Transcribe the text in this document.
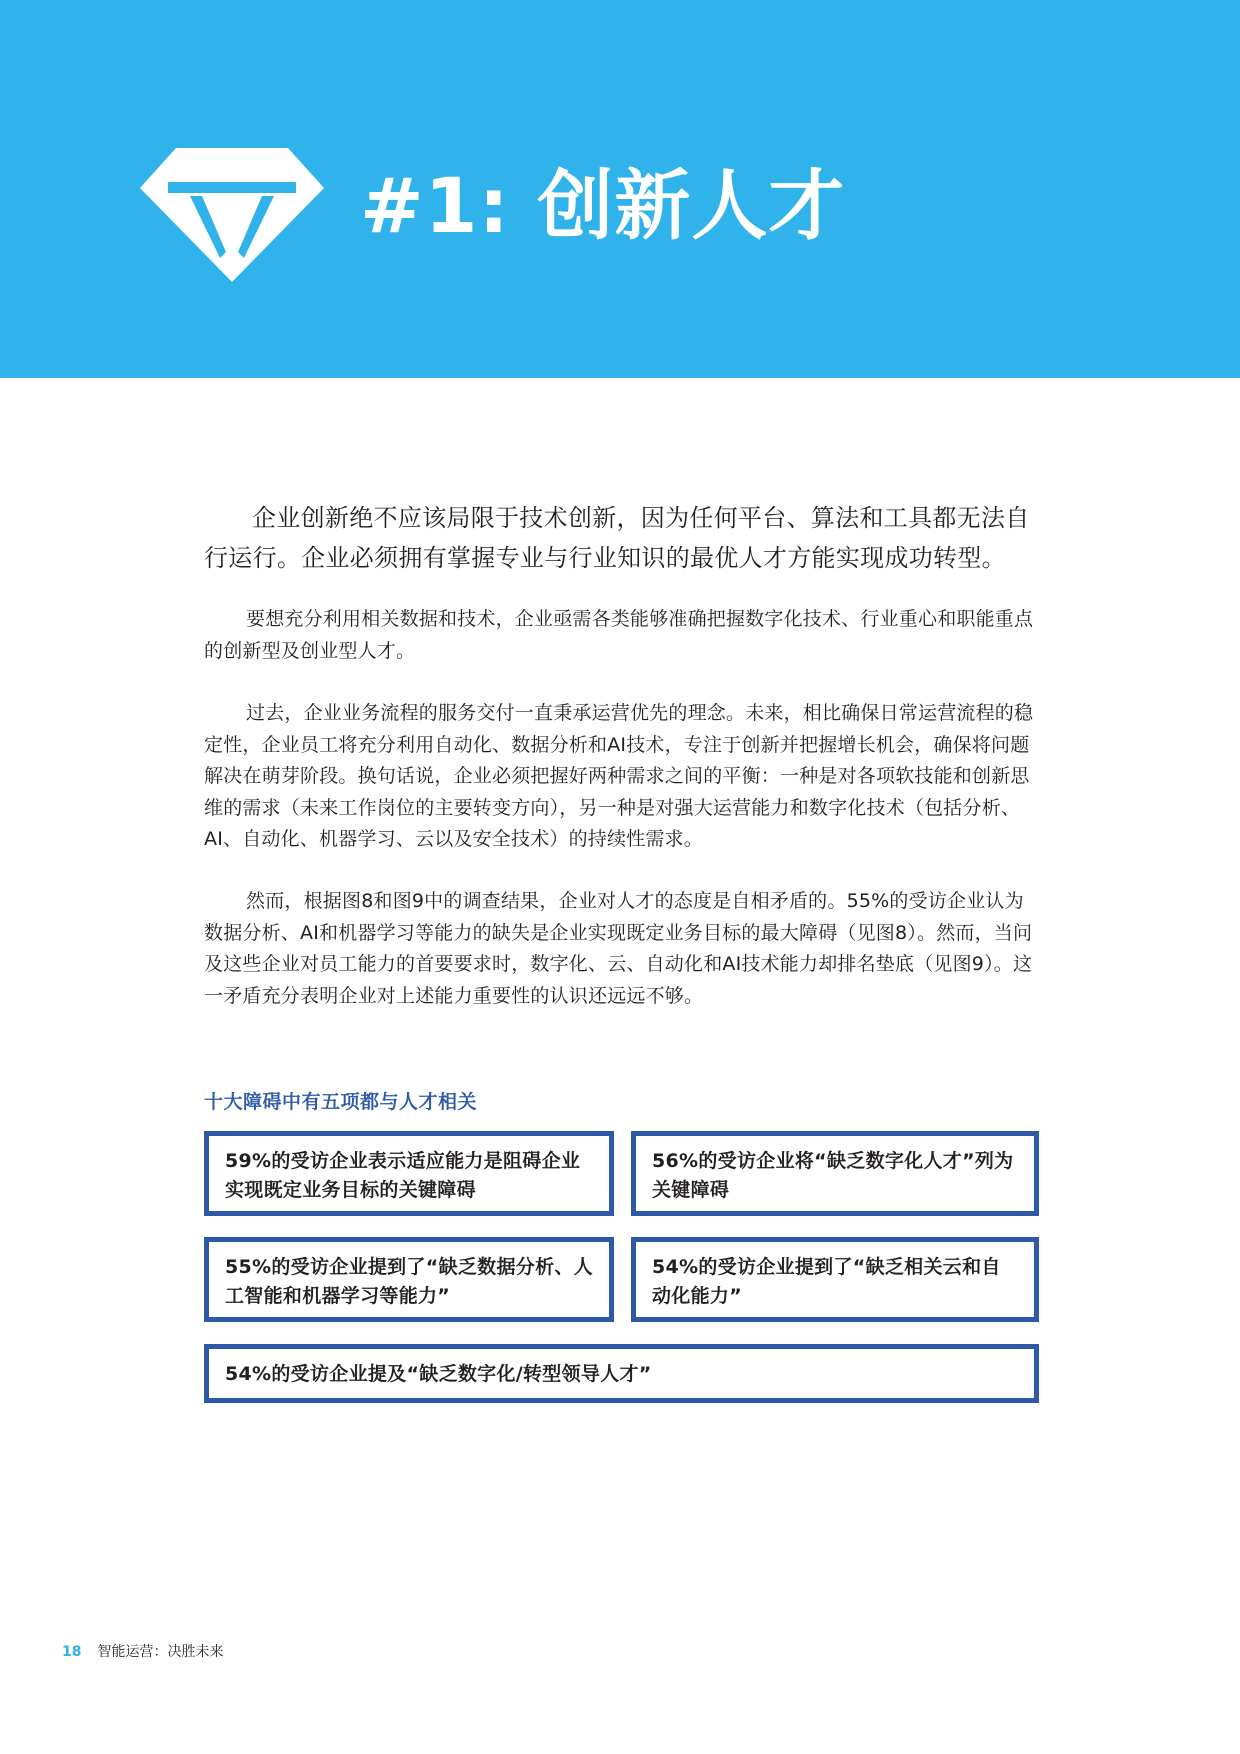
#1: 创新人才
企业创新绝不应该局限于技术创新，因为任何平台、算法和工具都无法自行运行。企业必须拥有掌握专业与行业知识的最优人才方能实现成功转型。
要想充分利用相关数据和技术，企业亟需各类能够准确把握数字化技术、行业重心和职能重点的创新型及创业型人才。
过去，企业业务流程的服务交付一直秉承运营优先的理念。未来，相比确保日常运营流程的稳定性，企业员工将充分利用自动化、数据分析和AI技术，专注于创新并把握增长机会，确保将问题解决在萌芽阶段。换句话说，企业必须把握好两种需求之间的平衡：一种是对各项软技能和创新思维的需求（未来工作岗位的主要转变方向），另一种是对强大运营能力和数字化技术（包括分析、AI、自动化、机器学习、云以及安全技术）的持续性需求。
然而，根据图8和图9中的调查结果，企业对人才的态度是自相矛盾的。55%的受访企业认为数据分析、AI和机器学习等能力的缺失是企业实现既定业务目标的最大障碍（见图8）。然而，当问及这些企业对员工能力的首要要求时，数字化、云、自动化和AI技术能力却排名垫底（见图9）。这一矛盾充分表明企业对上述能力重要性的认识还远远不够。
十大障碍中有五项都与人才相关
59%的受访企业表示适应能力是阻碍企业实现既定业务目标的关键障碍
56%的受访企业将“缺乏数字化人才”列为关键障碍
55%的受访企业提到了“缺乏数据分析、人工智能和机器学习等能力”
54%的受访企业提到了“缺乏相关云和自动化能力”
54%的受访企业提及“缺乏数字化/转型领导人才”
18 智能运营：决胜未来
